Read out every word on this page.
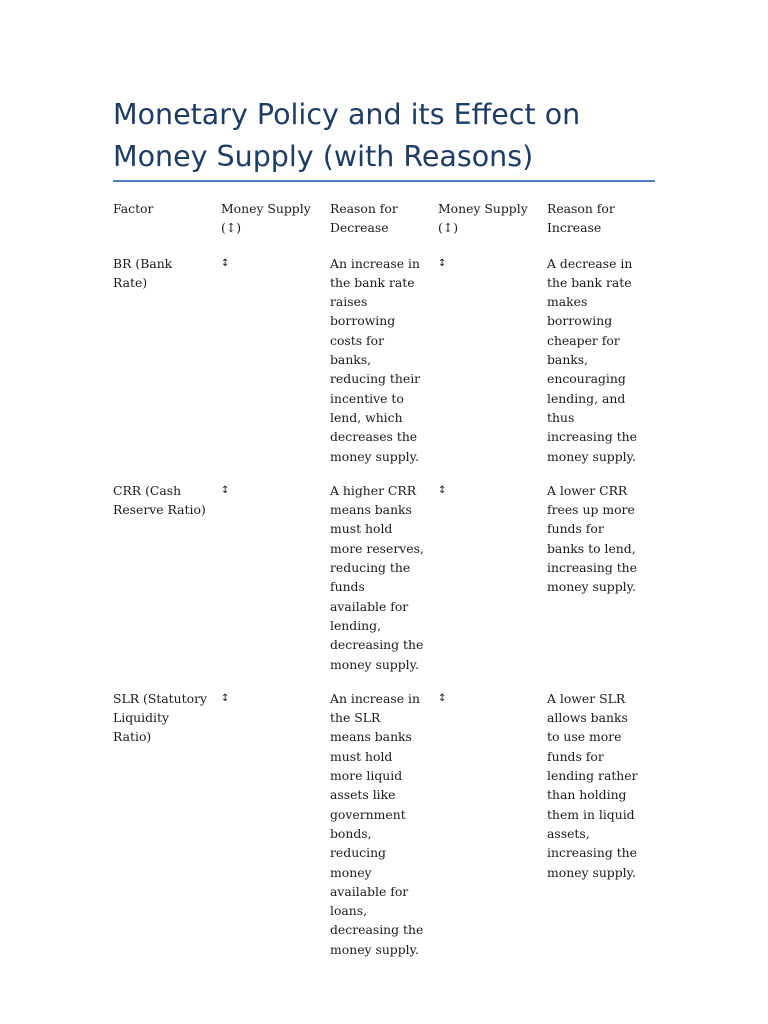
Monetary Policy and its Effect on Money Supply (with Reasons)
Factor	Money Supply (↕)	Reason for Decrease	Money Supply (↕)	Reason for Increase
BR (Bank Rate)	↕	An increase in the bank rate raises borrowing costs for banks, reducing their incentive to lend, which decreases the money supply.	↕	A decrease in the bank rate makes borrowing cheaper for banks, encouraging lending, and thus increasing the money supply.
CRR (Cash Reserve Ratio)	↕	A higher CRR means banks must hold more reserves, reducing the funds available for lending, decreasing the money supply.	↕	A lower CRR frees up more funds for banks to lend, increasing the money supply.
SLR (Statutory Liquidity Ratio)	↕	An increase in the SLR means banks must hold more liquid assets like government bonds, reducing money available for loans, decreasing the money supply.	↕	A lower SLR allows banks to use more funds for lending rather than holding them in liquid assets, increasing the money supply.
